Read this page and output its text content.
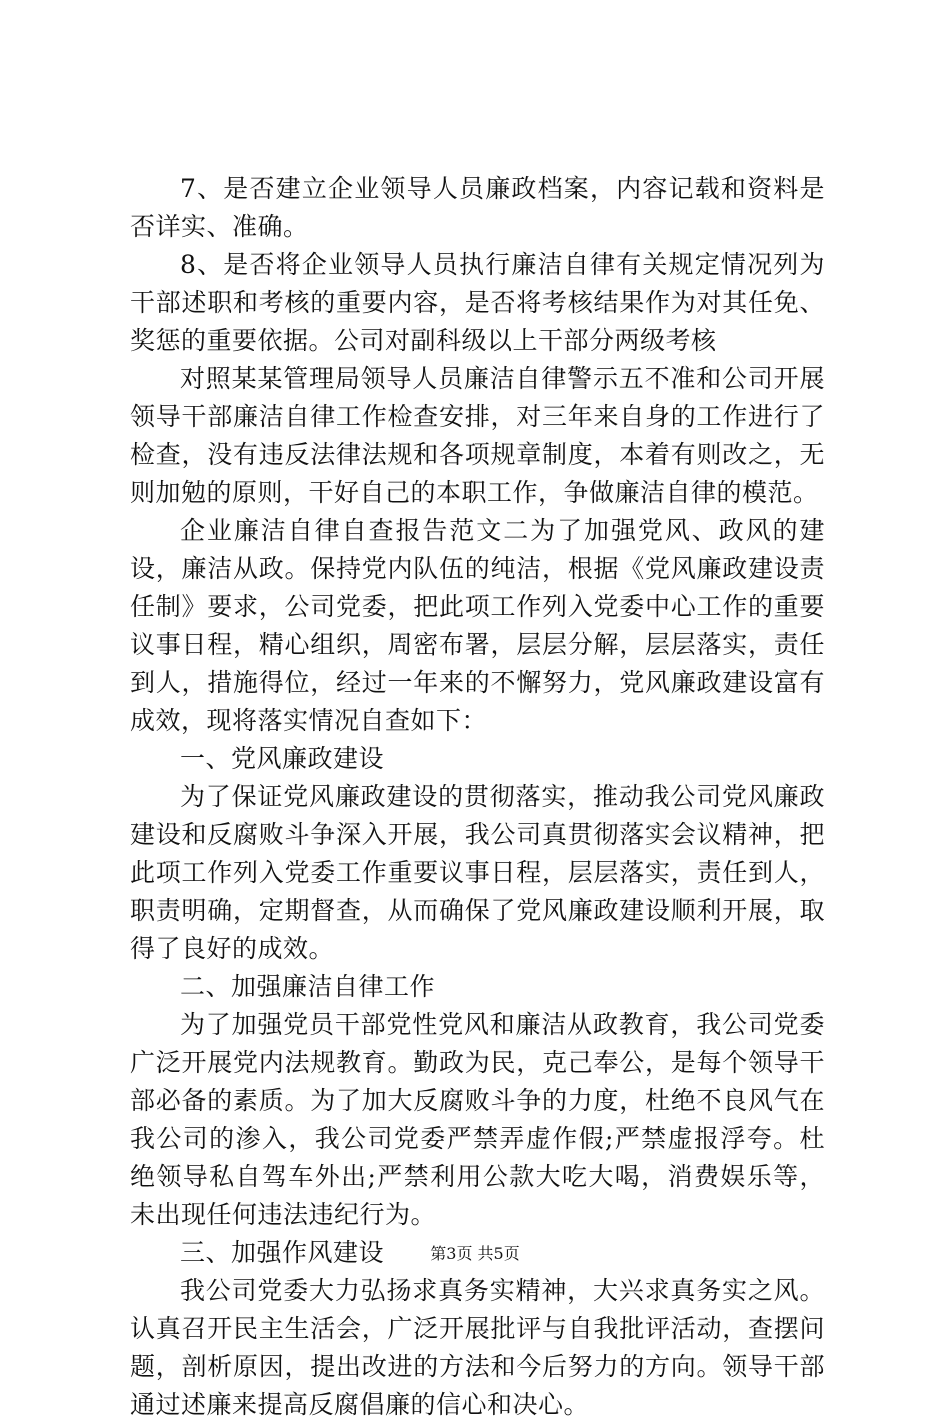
7、是否建立企业领导人员廉政档案，内容记载和资料是否详实、准确。

8、是否将企业领导人员执行廉洁自律有关规定情况列为干部述职和考核的重要内容，是否将考核结果作为对其任免、奖惩的重要依据。公司对副科级以上干部分两级考核

对照某某管理局领导人员廉洁自律警示五不准和公司开展领导干部廉洁自律工作检查安排，对三年来自身的工作进行了检查，没有违反法律法规和各项规章制度，本着有则改之，无则加勉的原则，干好自己的本职工作，争做廉洁自律的模范。

企业廉洁自律自查报告范文二为了加强党风、政风的建设，廉洁从政。保持党内队伍的纯洁，根据《党风廉政建设责任制》要求，公司党委，把此项工作列入党委中心工作的重要议事日程，精心组织，周密布署，层层分解，层层落实，责任到人，措施得位，经过一年来的不懈努力，党风廉政建设富有成效，现将落实情况自查如下：

一、党风廉政建设

为了保证党风廉政建设的贯彻落实，推动我公司党风廉政建设和反腐败斗争深入开展，我公司真贯彻落实会议精神，把此项工作列入党委工作重要议事日程，层层落实，责任到人，职责明确，定期督查，从而确保了党风廉政建设顺利开展，取得了良好的成效。

二、加强廉洁自律工作

为了加强党员干部党性党风和廉洁从政教育，我公司党委广泛开展党内法规教育。勤政为民，克己奉公，是每个领导干部必备的素质。为了加大反腐败斗争的力度，杜绝不良风气在我公司的渗入，我公司党委严禁弄虚作假;严禁虚报浮夸。杜绝领导私自驾车外出;严禁利用公款大吃大喝，消费娱乐等，未出现任何违法违纪行为。

三、加强作风建设

我公司党委大力弘扬求真务实精神，大兴求真务实之风。认真召开民主生活会，广泛开展批评与自我批评活动，查摆问题，剖析原因，提出改进的方法和今后努力的方向。领导干部通过述廉来提高反腐倡廉的信心和决心。

第3页 共5页
